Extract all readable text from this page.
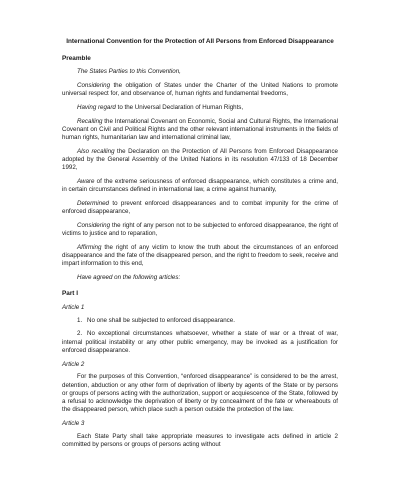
International Convention for the Protection of All Persons from Enforced Disappearance
Preamble
The States Parties to this Convention,
Considering the obligation of States under the Charter of the United Nations to promote universal respect for, and observance of, human rights and fundamental freedoms,
Having regard to the Universal Declaration of Human Rights,
Recalling the International Covenant on Economic, Social and Cultural Rights, the International Covenant on Civil and Political Rights and the other relevant international instruments in the fields of human rights, humanitarian law and international criminal law,
Also recalling the Declaration on the Protection of All Persons from Enforced Disappearance adopted by the General Assembly of the United Nations in its resolution 47/133 of 18 December 1992,
Aware of the extreme seriousness of enforced disappearance, which constitutes a crime and, in certain circumstances defined in international law, a crime against humanity,
Determined to prevent enforced disappearances and to combat impunity for the crime of enforced disappearance,
Considering the right of any person not to be subjected to enforced disappearance, the right of victims to justice and to reparation,
Affirming the right of any victim to know the truth about the circumstances of an enforced disappearance and the fate of the disappeared person, and the right to freedom to seek, receive and impart information to this end,
Have agreed on the following articles:
Part I
Article 1
1. No one shall be subjected to enforced disappearance.
2. No exceptional circumstances whatsoever, whether a state of war or a threat of war, internal political instability or any other public emergency, may be invoked as a justification for enforced disappearance.
Article 2
For the purposes of this Convention, “enforced disappearance” is considered to be the arrest, detention, abduction or any other form of deprivation of liberty by agents of the State or by persons or groups of persons acting with the authorization, support or acquiescence of the State, followed by a refusal to acknowledge the deprivation of liberty or by concealment of the fate or whereabouts of the disappeared person, which place such a person outside the protection of the law.
Article 3
Each State Party shall take appropriate measures to investigate acts defined in article 2 committed by persons or groups of persons acting without
